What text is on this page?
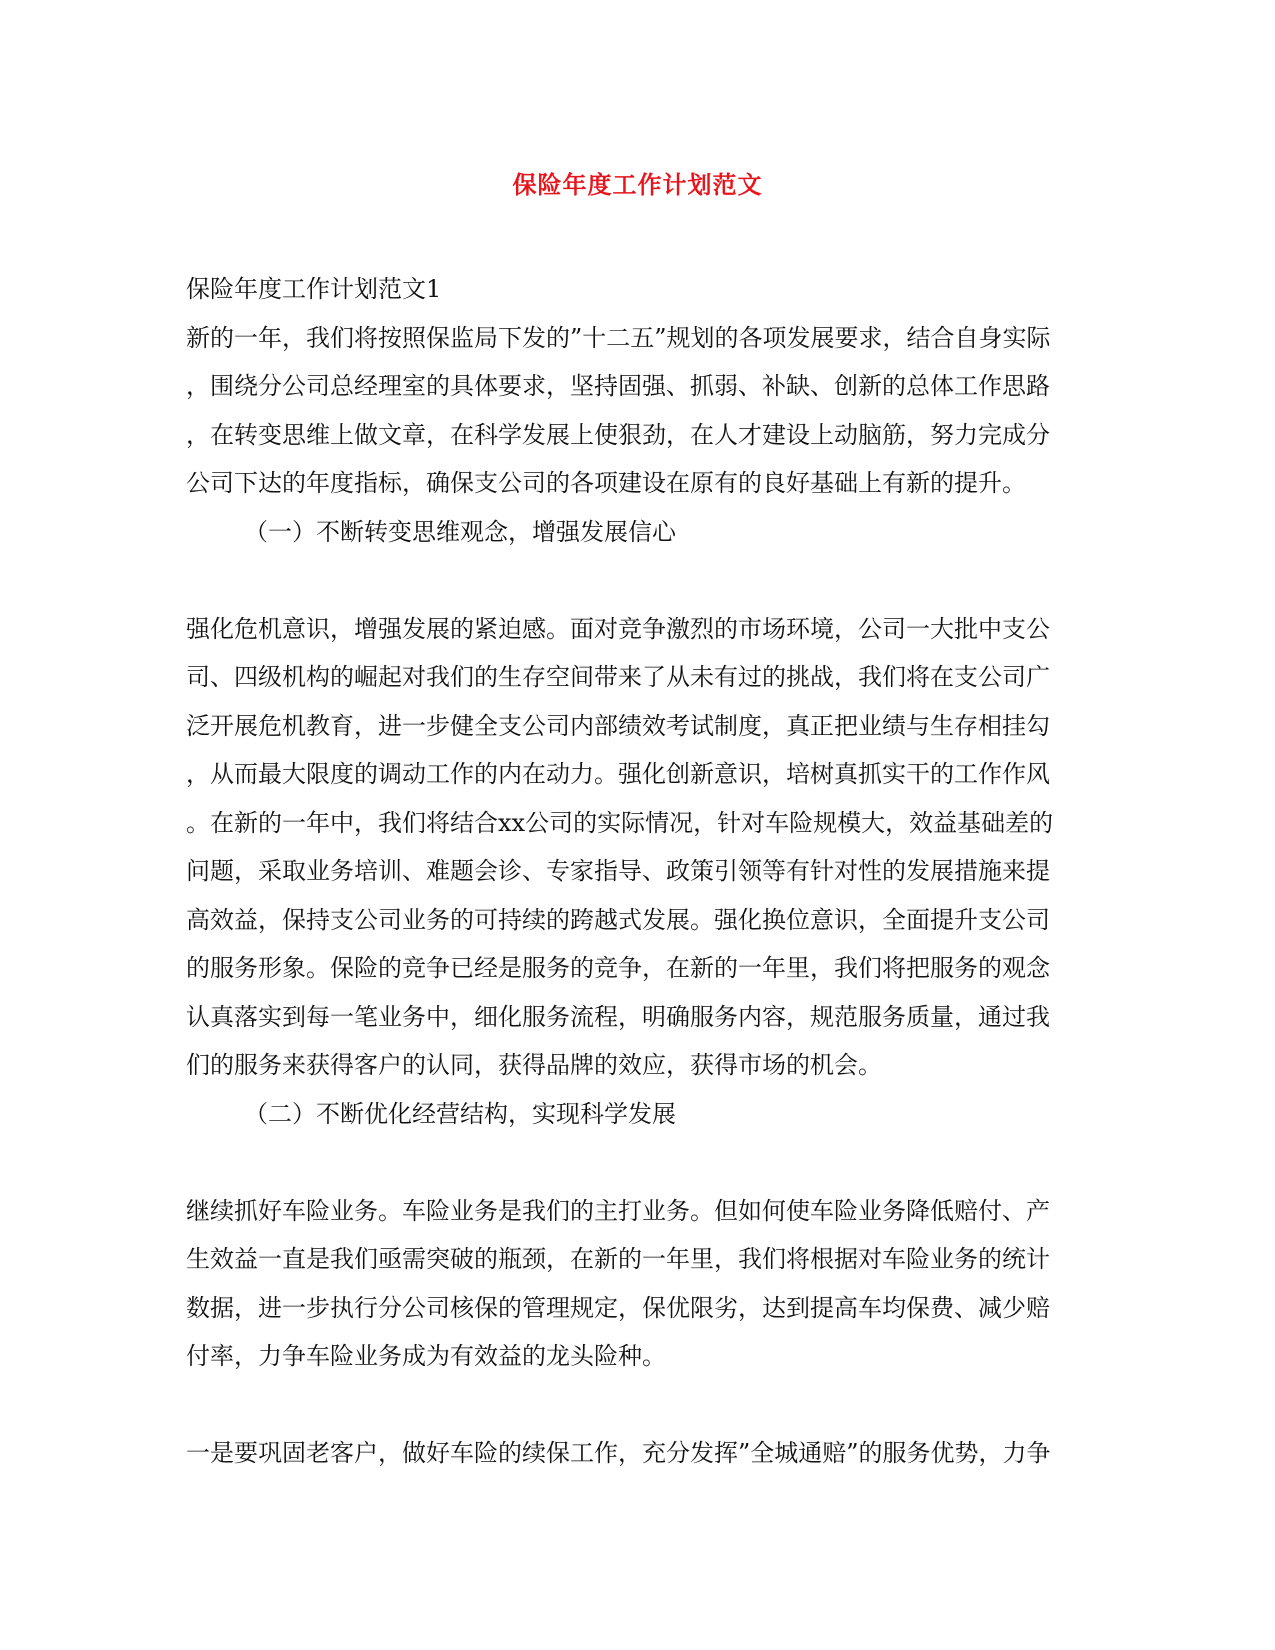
保险年度工作计划范文
保险年度工作计划范文1
新的一年，我们将按照保监局下发的”十二五”规划的各项发展要求，结合自身实际
，围绕分公司总经理室的具体要求，坚持固强、抓弱、补缺、创新的总体工作思路
，在转变思维上做文章，在科学发展上使狠劲，在人才建设上动脑筋，努力完成分
公司下达的年度指标，确保支公司的各项建设在原有的良好基础上有新的提升。
（一）不断转变思维观念，增强发展信心
强化危机意识，增强发展的紧迫感。面对竞争激烈的市场环境，公司一大批中支公
司、四级机构的崛起对我们的生存空间带来了从未有过的挑战，我们将在支公司广
泛开展危机教育，进一步健全支公司内部绩效考试制度，真正把业绩与生存相挂勾
，从而最大限度的调动工作的内在动力。强化创新意识，培树真抓实干的工作作风
。在新的一年中，我们将结合xx公司的实际情况，针对车险规模大，效益基础差的
问题，采取业务培训、难题会诊、专家指导、政策引领等有针对性的发展措施来提
高效益，保持支公司业务的可持续的跨越式发展。强化换位意识，全面提升支公司
的服务形象。保险的竞争已经是服务的竞争，在新的一年里，我们将把服务的观念
认真落实到每一笔业务中，细化服务流程，明确服务内容，规范服务质量，通过我
们的服务来获得客户的认同，获得品牌的效应，获得市场的机会。
（二）不断优化经营结构，实现科学发展
继续抓好车险业务。车险业务是我们的主打业务。但如何使车险业务降低赔付、产
生效益一直是我们亟需突破的瓶颈，在新的一年里，我们将根据对车险业务的统计
数据，进一步执行分公司核保的管理规定，保优限劣，达到提高车均保费、减少赔
付率，力争车险业务成为有效益的龙头险种。
一是要巩固老客户，做好车险的续保工作，充分发挥”全城通赔”的服务优势，力争
